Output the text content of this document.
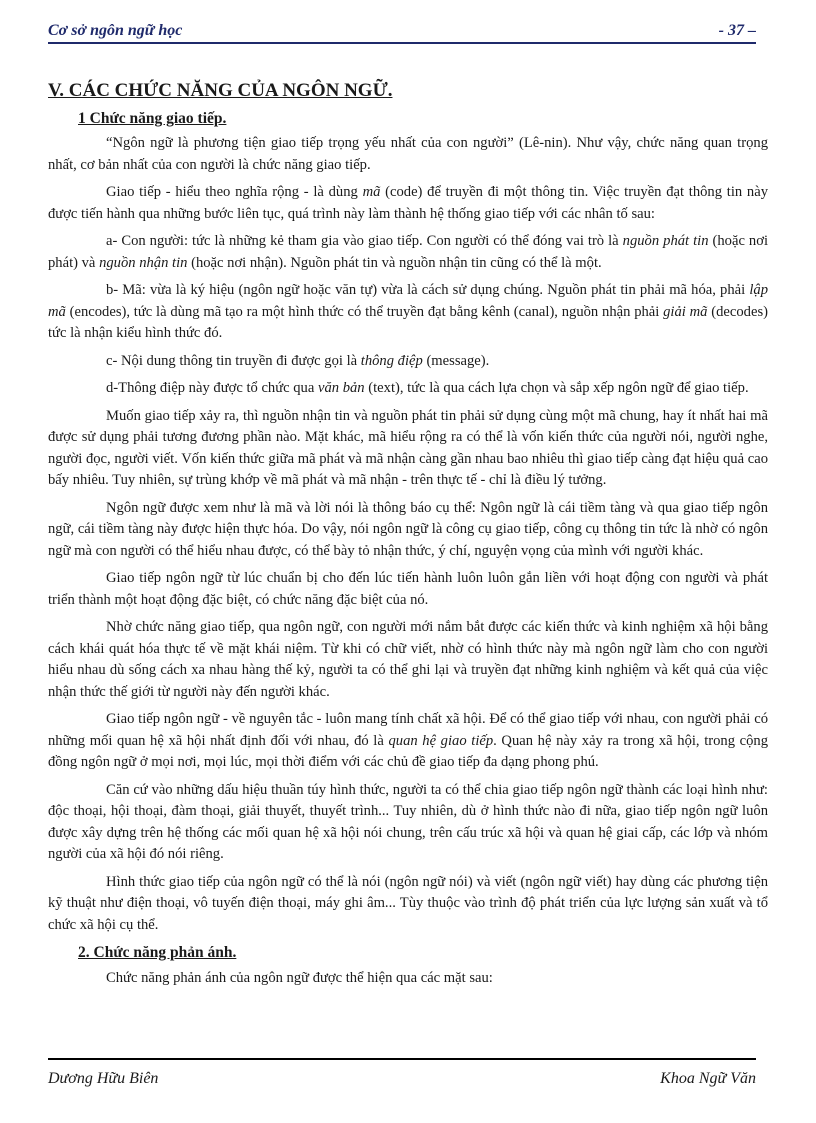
Cơ sở ngôn ngữ học	- 37 –
V. CÁC CHỨC NĂNG CỦA NGÔN NGỮ.
1 Chức năng giao tiếp.

“Ngôn ngữ là phương tiện giao tiếp trọng yếu nhất của con người” (Lê-nin). Như vậy, chức năng quan trọng nhất, cơ bản nhất của con người là chức năng giao tiếp.

Giao tiếp - hiểu theo nghĩa rộng - là dùng mã (code) để truyền đi một thông tin. Việc truyền đạt thông tin này được tiến hành qua những bước liên tục, quá trình này làm thành hệ thống giao tiếp với các nhân tố sau:

a- Con người: tức là những kẻ tham gia vào giao tiếp. Con người có thể đóng vai trò là nguồn phát tin (hoặc nơi phát) và nguồn nhận tin (hoặc nơi nhận). Nguồn phát tin và nguồn nhận tin cũng có thể là một.

b- Mã: vừa là ký hiệu (ngôn ngữ hoặc văn tự) vừa là cách sử dụng chúng. Nguồn phát tin phải mã hóa, phải lập mã (encodes), tức là dùng mã tạo ra một hình thức có thể truyền đạt bằng kênh (canal), nguồn nhận phải giải mã (decodes) tức là nhận kiểu hình thức đó.

c- Nội dung thông tin truyền đi được gọi là thông điệp (message).

d-Thông điệp này được tổ chức qua văn bản (text), tức là qua cách lựa chọn và sắp xếp ngôn ngữ để giao tiếp.

Muốn giao tiếp xảy ra, thì nguồn nhận tin và nguồn phát tin phải sử dụng cùng một mã chung, hay ít nhất hai mã được sử dụng phải tương đương phần nào. Mặt khác, mã hiểu rộng ra có thể là vốn kiến thức của người nói, người nghe, người đọc, người viết. Vốn kiến thức giữa mã phát và mã nhận càng gần nhau bao nhiêu thì giao tiếp càng đạt hiệu quả cao bấy nhiêu. Tuy nhiên, sự trùng khớp về mã phát và mã nhận - trên thực tế - chỉ là điều lý tưởng.

Ngôn ngữ được xem như là mã và lời nói là thông báo cụ thể: Ngôn ngữ là cái tiềm tàng và qua giao tiếp ngôn ngữ, cái tiềm tàng này được hiện thực hóa. Do vậy, nói ngôn ngữ là công cụ giao tiếp, công cụ thông tin tức là nhờ có ngôn ngữ mà con người có thể hiểu nhau được, có thể bày tỏ nhận thức, ý chí, nguyện vọng của mình với người khác.

Giao tiếp ngôn ngữ từ lúc chuẩn bị cho đến lúc tiến hành luôn luôn gắn liền với hoạt động con người và phát triển thành một hoạt động đặc biệt, có chức năng đặc biệt của nó.

Nhờ chức năng giao tiếp, qua ngôn ngữ, con người mới nắm bắt được các kiến thức và kinh nghiệm xã hội bằng cách khái quát hóa thực tế về mặt khái niệm. Từ khi có chữ viết, nhờ có hình thức này mà ngôn ngữ làm cho con người hiểu nhau dù sống cách xa nhau hàng thế kỷ, người ta có thể ghi lại và truyền đạt những kinh nghiệm và kết quả của việc nhận thức thế giới từ người này đến người khác.

Giao tiếp ngôn ngữ - về nguyên tắc - luôn mang tính chất xã hội. Để có thể giao tiếp với nhau, con người phải có những mối quan hệ xã hội nhất định đối với nhau, đó là quan hệ giao tiếp. Quan hệ này xảy ra trong xã hội, trong cộng đồng ngôn ngữ ở mọi nơi, mọi lúc, mọi thời điểm với các chủ đề giao tiếp đa dạng phong phú.

Căn cứ vào những dấu hiệu thuần túy hình thức, người ta có thể chia giao tiếp ngôn ngữ thành các loại hình như: độc thoại, hội thoại, đàm thoại, giải thuyết, thuyết trình... Tuy nhiên, dù ở hình thức nào đi nữa, giao tiếp ngôn ngữ luôn được xây dựng trên hệ thống các mối quan hệ xã hội nói chung, trên cấu trúc xã hội và quan hệ giai cấp, các lớp và nhóm người của xã hội đó nói riêng.

Hình thức giao tiếp của ngôn ngữ có thể là nói (ngôn ngữ nói) và viết (ngôn ngữ viết) hay dùng các phương tiện kỹ thuật như điện thoại, vô tuyến điện thoại, máy ghi âm... Tùy thuộc vào trình độ phát triển của lực lượng sản xuất và tổ chức xã hội cụ thể.

2. Chức năng phản ánh.

Chức năng phản ánh của ngôn ngữ được thể hiện qua các mặt sau:

Dương Hữu Biên	Khoa Ngữ Văn
